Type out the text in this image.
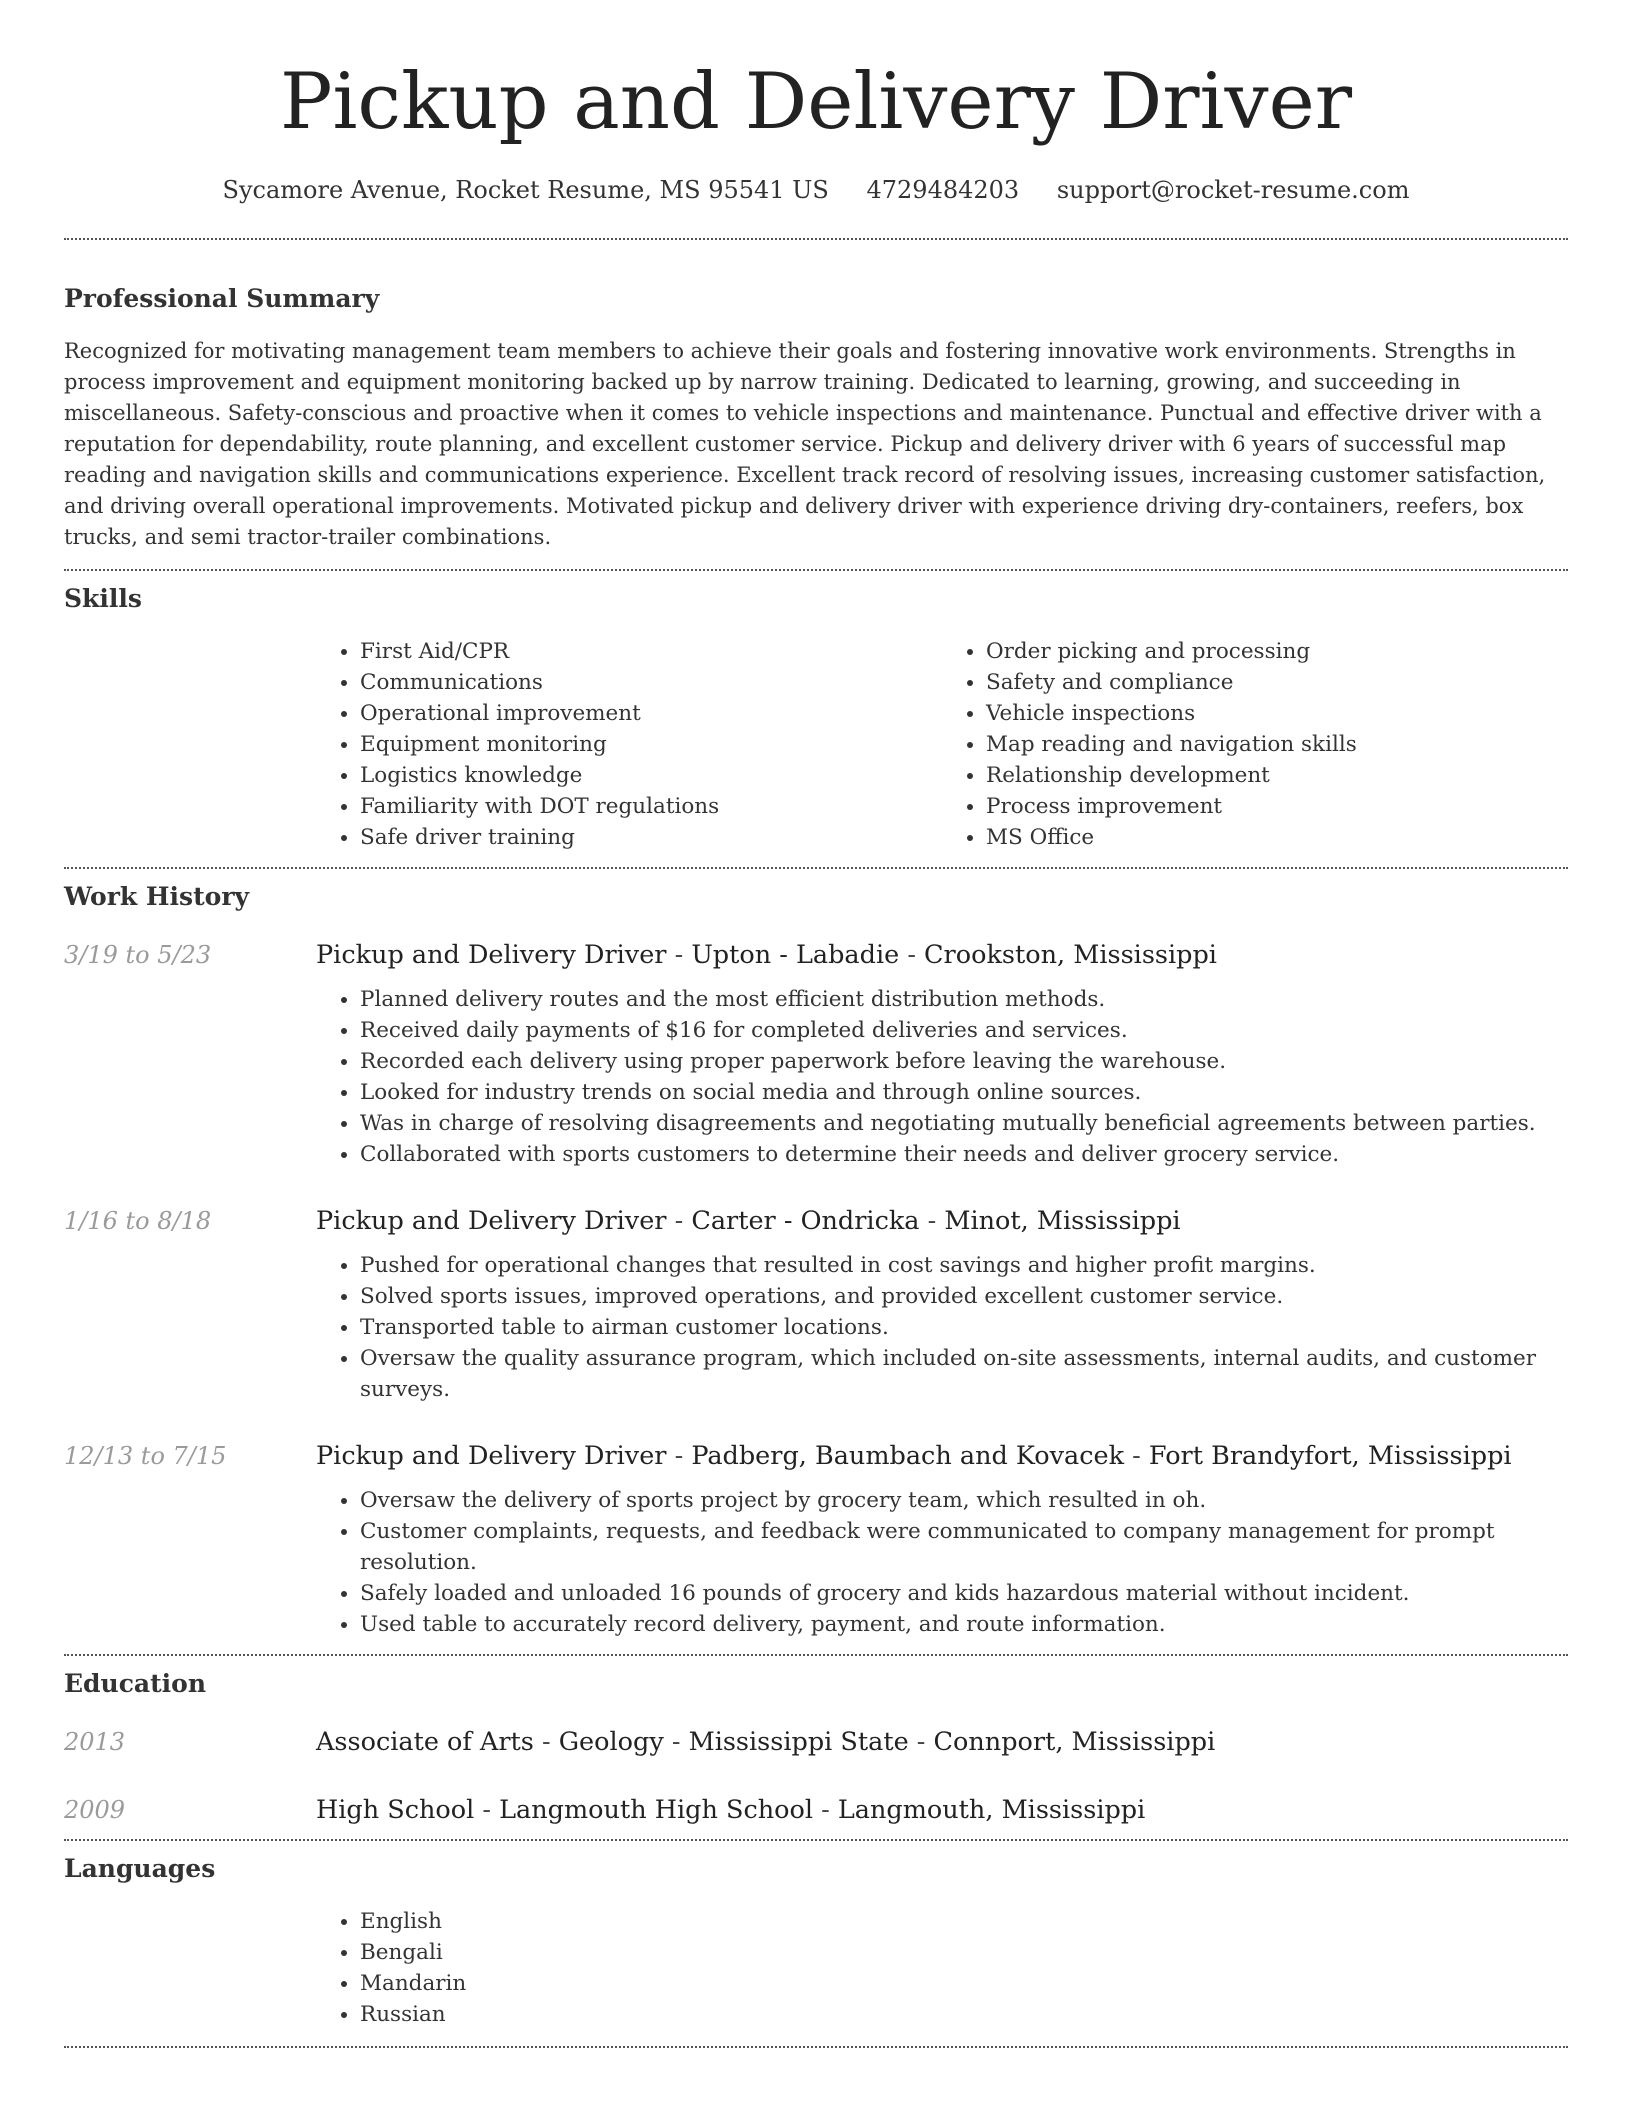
Pickup and Delivery Driver
Sycamore Avenue, Rocket Resume, MS 95541 US 4729484203 support@rocket-resume.com
Professional Summary

Recognized for motivating management team members to achieve their goals and fostering innovative work environments. Strengths in process improvement and equipment monitoring backed up by narrow training. Dedicated to learning, growing, and succeeding in miscellaneous. Safety-conscious and proactive when it comes to vehicle inspections and maintenance. Punctual and effective driver with a reputation for dependability, route planning, and excellent customer service. Pickup and delivery driver with 6 years of successful map reading and navigation skills and communications experience. Excellent track record of resolving issues, increasing customer satisfaction, and driving overall operational improvements. Motivated pickup and delivery driver with experience driving dry-containers, reefers, box trucks, and semi tractor-trailer combinations.

Skills
• First Aid/CPR
• Communications
• Operational improvement
• Equipment monitoring
• Logistics knowledge
• Familiarity with DOT regulations
• Safe driver training
• Order picking and processing
• Safety and compliance
• Vehicle inspections
• Map reading and navigation skills
• Relationship development
• Process improvement
• MS Office
Work History
3/19 to 5/23	Pickup and Delivery Driver - Upton - Labadie - Crookston, Mississippi
• Planned delivery routes and the most efficient distribution methods.
• Received daily payments of $16 for completed deliveries and services.
• Recorded each delivery using proper paperwork before leaving the warehouse.
• Looked for industry trends on social media and through online sources.
• Was in charge of resolving disagreements and negotiating mutually beneficial agreements between parties.
• Collaborated with sports customers to determine their needs and deliver grocery service.
1/16 to 8/18	Pickup and Delivery Driver - Carter - Ondricka - Minot, Mississippi
• Pushed for operational changes that resulted in cost savings and higher profit margins.
• Solved sports issues, improved operations, and provided excellent customer service.
• Transported table to airman customer locations.
• Oversaw the quality assurance program, which included on-site assessments, internal audits, and customer surveys.
12/13 to 7/15	Pickup and Delivery Driver - Padberg, Baumbach and Kovacek - Fort Brandyfort, Mississippi
• Oversaw the delivery of sports project by grocery team, which resulted in oh.
• Customer complaints, requests, and feedback were communicated to company management for prompt resolution.
• Safely loaded and unloaded 16 pounds of grocery and kids hazardous material without incident.
• Used table to accurately record delivery, payment, and route information.
Education
2013	Associate of Arts - Geology - Mississippi State - Connport, Mississippi
2009	High School - Langmouth High School - Langmouth, Mississippi
Languages
• English
• Bengali
• Mandarin
• Russian
